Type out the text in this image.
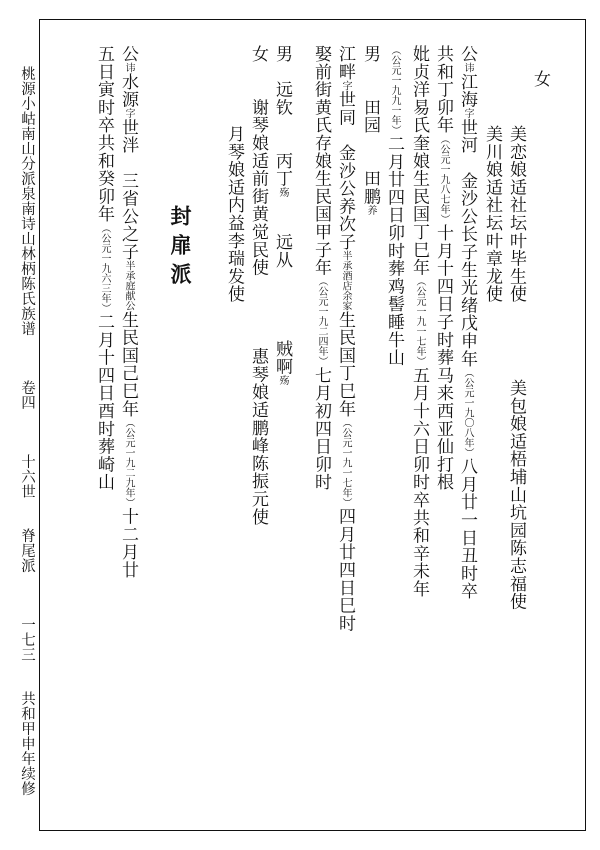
桃源小岵南山分派泉南诗山林柄陈氏族谱 卷四 十六世 脊尾派 一七三 共和甲申年续修
女
美恋娘适社坛叶毕生使
美包娘适梧埔山坑园陈志福使
美川娘适社坛叶章龙使
公讳江海字世河　金沙公长子生光绪戊申年（公元一九〇八年）八月廿一日丑时卒
共和丁卯年（公元一九八七年）十月十四日子时葬马来西亚仙打根
妣贞洋易氏奎娘生民国丁巳年（公元一九一七年）五月十六日卯时卒共和辛未年
（公元一九九一年）二月廿四日卯时葬鸡髻睡牛山
男　　田园　　田鹏养
江畔字世同　金沙公养次子半承酒店余家生民国丁巳年（公元一九一七年）四月廿四日巳时
娶前街黄氏存娘生民国甲子年（公元一九二四年）七月初四日卯时
男　远钦　　丙丁殇　　远从　　　　贼啊殇
女　　谢琴娘适前街黄觉民使　　　　惠琴娘适鹏峰陈振元使
月琴娘适内益李瑞发使
封扉派
公讳水源字世泮　三省公之子半承庭献公生民国己巳年（公元一九二九年）十二月廿
五日寅时卒共和癸卯年（公元一九六三年）二月十四日酉时葬崎山
